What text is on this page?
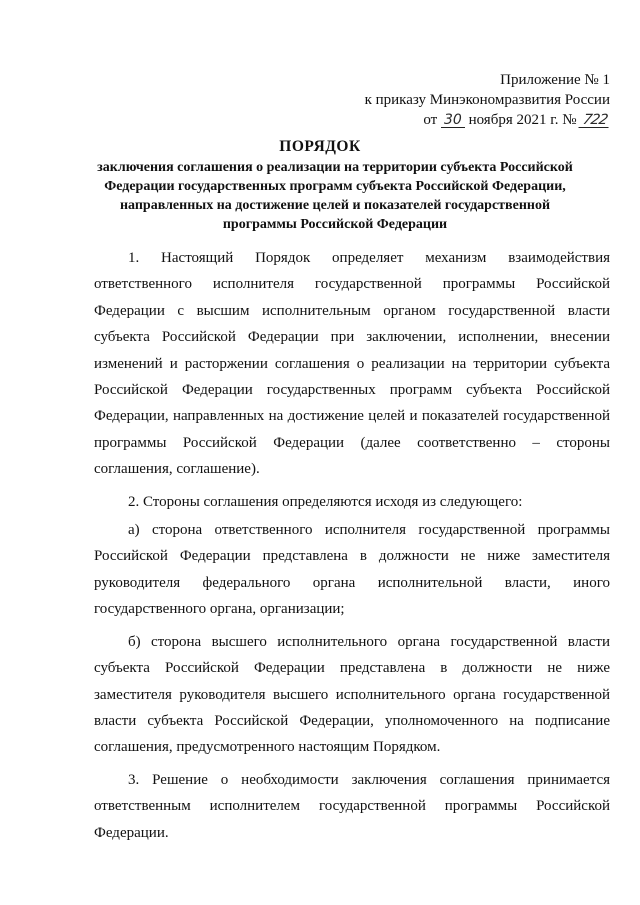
Приложение № 1
к приказу Минэкономразвития России
от 30 ноября 2021 г. № 722
ПОРЯДОК
заключения соглашения о реализации на территории субъекта Российской Федерации государственных программ субъекта Российской Федерации, направленных на достижение целей и показателей государственной программы Российской Федерации

1. Настоящий Порядок определяет механизм взаимодействия ответственного исполнителя государственной программы Российской Федерации с высшим исполнительным органом государственной власти субъекта Российской Федерации при заключении, исполнении, внесении изменений и расторжении соглашения о реализации на территории субъекта Российской Федерации государственных программ субъекта Российской Федерации, направленных на достижение целей и показателей государственной программы Российской Федерации (далее соответственно – стороны соглашения, соглашение).

2. Стороны соглашения определяются исходя из следующего:

а) сторона ответственного исполнителя государственной программы Российской Федерации представлена в должности не ниже заместителя руководителя федерального органа исполнительной власти, иного государственного органа, организации;

б) сторона высшего исполнительного органа государственной власти субъекта Российской Федерации представлена в должности не ниже заместителя руководителя высшего исполнительного органа государственной власти субъекта Российской Федерации, уполномоченного на подписание соглашения, предусмотренного настоящим Порядком.

3. Решение о необходимости заключения соглашения принимается ответственным исполнителем государственной программы Российской Федерации.
